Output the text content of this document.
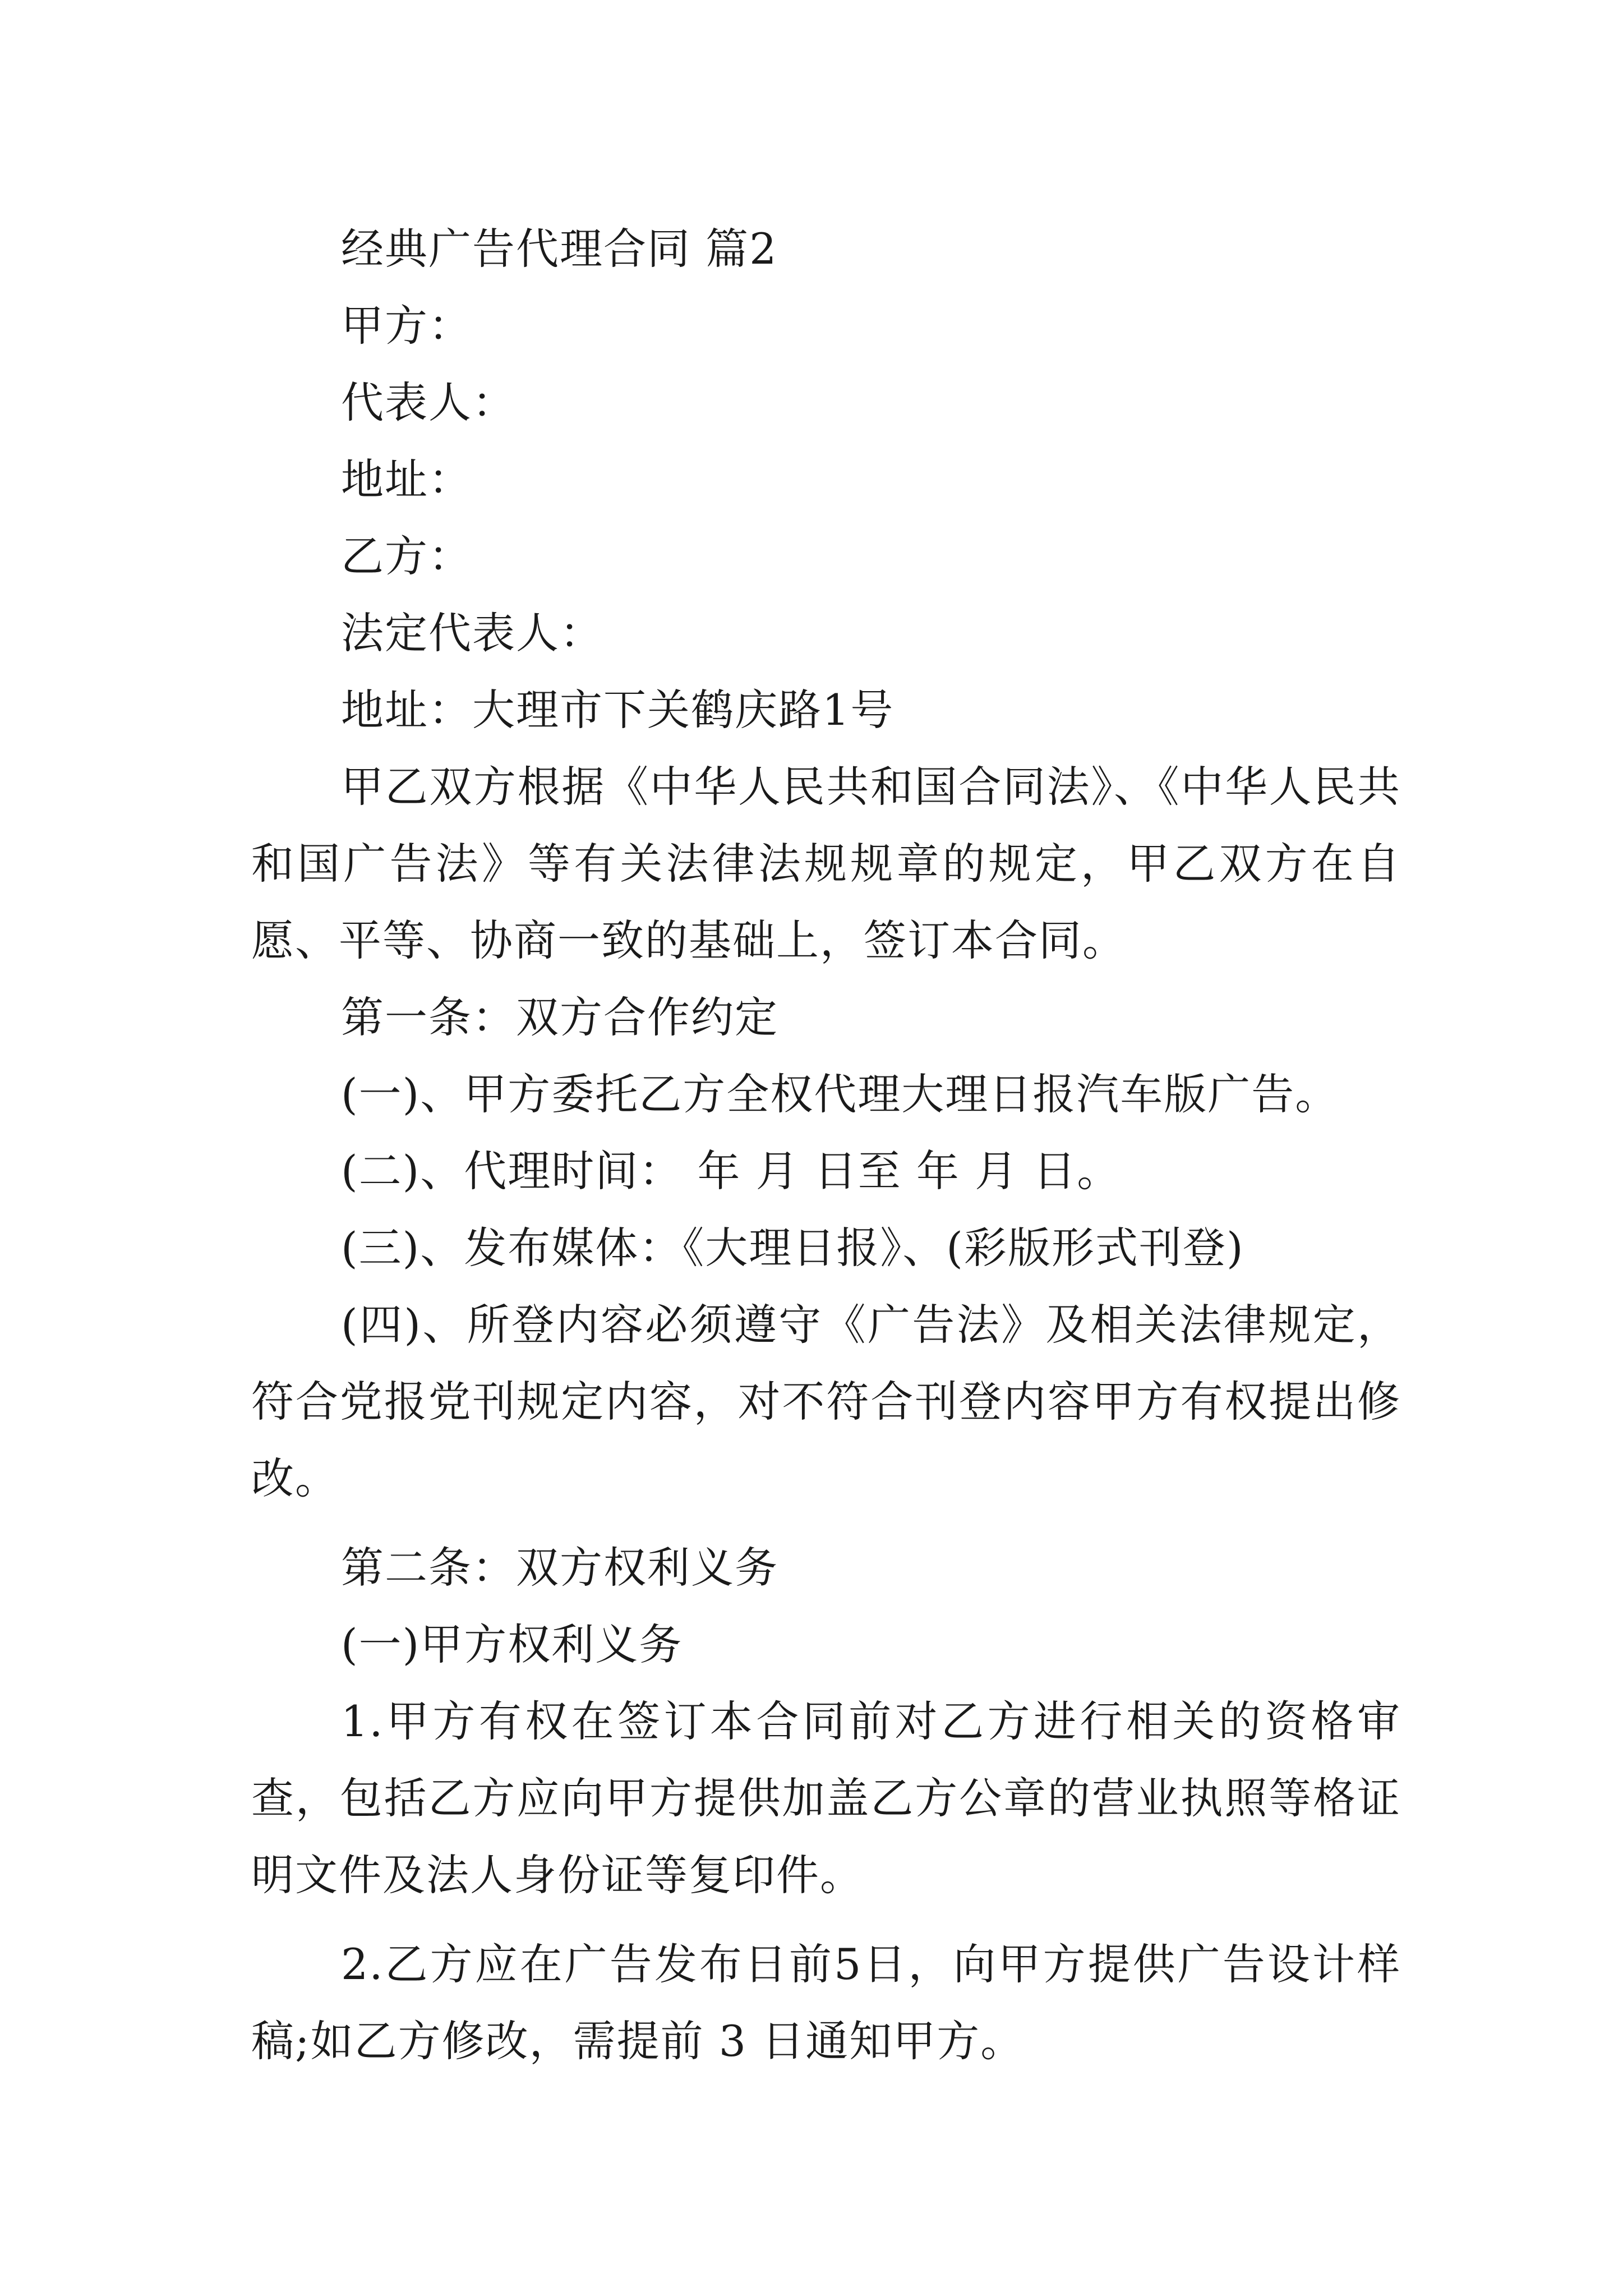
经典广告代理合同 篇2

甲方：

代表人：

地址：

乙方：

法定代表人：

地址：大理市下关鹤庆路1号

甲乙双方根据《中华人民共和国合同法》、《中华人民共和国广告法》等有关法律法规规章的规定，甲乙双方在自愿、平等、协商一致的基础上，签订本合同。

第一条：双方合作约定

(一)、甲方委托乙方全权代理大理日报汽车版广告。

(二)、代理时间： 年 月 日至 年 月 日。

(三)、发布媒体：《大理日报》、(彩版形式刊登)

(四)、所登内容必须遵守《广告法》及相关法律规定，符合党报党刊规定内容，对不符合刊登内容甲方有权提出修改。

第二条：双方权利义务

(一)甲方权利义务

1.甲方有权在签订本合同前对乙方进行相关的资格审查，包括乙方应向甲方提供加盖乙方公章的营业执照等格证明文件及法人身份证等复印件。

2.乙方应在广告发布日前5日，向甲方提供广告设计样稿;如乙方修改，需提前 3 日通知甲方。
